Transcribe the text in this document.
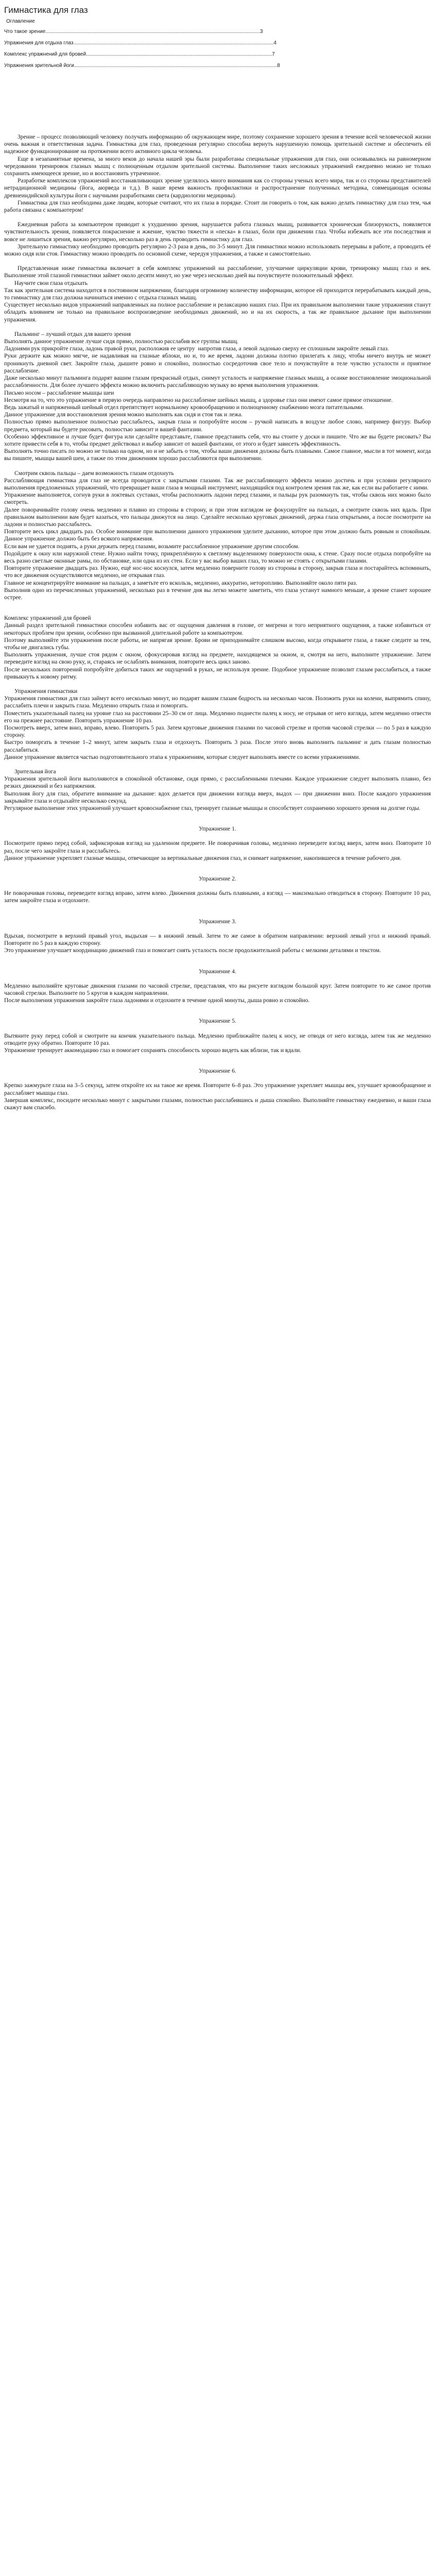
Гимнастика для глаз
Оглавление
Что такое зрение......................................................................................................................................................3
Упражнения для отдыха глаз............................................................................................................................................4
Комплекс упражнений для бровей..................................................................................................................................7
Упражнения зрительной йоги..............................................................................................................................................8

Зрение – процесс позволяющий человеку получать информацию об окружающем мире, поэтому сохранение хорошего зрения в течение всей человеческой жизни очень важная и ответственная задача. Гимнастика для глаз, проведенная регулярно способна вернуть нарушенную помощь зрительной системе и обеспечить ей надежное функционирование на протяжении всего активного цикла человека.

Еще в незапамятные времена, за много веков до начала нашей эры были разработаны специальные упражнения для глаз, они основывались на равномерном чередовании тренировок глазных мышц с полноценным отдыхом зрительной системы. Выполнение таких несложных упражнений ежедневно можно не только сохранить имеющееся зрение, но и восстановить утраченное.

Разработке комплексов упражнений восстанавливающих зрение уделялось много внимания как со стороны ученых всего мира, так и со стороны представителей нетрадиционной медицины (йога, аюрведа и т.д.). В наше время важность профилактики и распространение полученных методика, совмещающая основы древнеиндийской культуры йоги с научными разработками света (кардиологии медицины).

Гимнастика для глаз необходима даже людям, которые считают, что их глаза в порядке. Стоит ли говорить о том, как важно делать гимнастику для глаз тем, чья работа связана с компьютером!

Ежедневная работа за компьютером приводит к ухудшению зрения, нарушается работа глазных мышц, развивается хроническая близорукость, появляется чувствительность зрения, появляется покраснение и жжение, чувство тяжести и «песка» в глазах, боли при движении глаз. Чтобы избежать все эти последствия и вовсе не лишиться зрения, важно регулярно, несколько раз в день проводить гимнастику для глаз.

Зрительную гимнастику необходимо проводить регулярно 2-3 раза в день, по 3-5 минут. Для гимнастики можно использовать перерывы в работе, а проводить её можно сидя или стоя. Гимнастику можно проводить по основной схеме, чередуя упражнения, а также и самостоятельно.

Представленная ниже гимнастика включает в себя комплекс упражнений на расслабление, улучшение циркуляции крови, тренировку мышц глаз и век. Выполнение этой глазной гимнастики займет около десяти минут, но уже через несколько дней вы почувствуете положительный эффект.

Научите свои глаза отдыхать

Так как зрительная система находится в постоянном напряжении, благодаря огромному количеству информации, которое ей приходится перерабатывать каждый день, то гимнастику для глаз должна начинаться именно с отдыха глазных мышц.

Существует несколько видов упражнений направленных на полное расслабление и релаксацию наших глаз. При их правильном выполнении такие упражнения станут обладать влиянием не только на правильное воспроизведение необходимых движений, но и на их скорость, а так же правильное дыхание при выполнении упражнения.

Пальминг – лучший отдых для вашего зрения

Выполнять данное упражнение лучше сидя прямо, полностью расслабив все группы мышц.

Ладонями рук прикройте глаза, ладонь правой руки, расположив ее центру  напротив глаза, а левой ладонью сверху ее сплошным закройте левый глаз.

Руки держите как можно мягче, не надавливая на глазные яблоки, но и, то же время, ладони должны плотно прилегать к лицу, чтобы ничего внутрь не может проникнуть дневной свет. Закройте глаза, дышите ровно и спокойно, полностью сосредоточив свое тело и почувствуйте в теле чувство усталости и приятное расслабление.

Даже несколько минут пальминга подарят вашим глазам прекрасный отдых, снимут усталость и напряжение глазных мышц, а осанке восстановление эмоциональной расслабленности. Для более лучшего эффекта можно включить расслабляющую музыку во время выполнения упражнения.

Письмо носом – расслабление мышцы шеи

Несмотря на то, что это упражнение в первую очередь направлено на расслабление шейных мышц, а здоровье глаз они имеют самое прямое отношение.

Ведь зажатый и напряженный шейный отдел препятствует нормальному кровообращению и полноценному снабжению мозга питательными.

Данное упражнение для восстановления зрения можно выполнять как сидя и стоя так и лежа.

Полностью прямо выполненное полностью расслабьтесь, закрыв глаза и попробуйте носом – ручкой написать в воздухе любое слово, например фигуру. Выбор предмета, который вы будете рисовать, полностью зависит и вашей фантазии.

Особенно эффективное и лучше будет фигура или сделайте представьте, главное представить себя, что вы стоите у доски и пишите. Что же вы будете рисовать? Вы хотите привести себя в то, чтобы предмет действовал и выбор зависит от вашей фантазии, от этого и будет зависеть эффективность.

Выполнять точно писать по можно не только на одном, но и не забыть о том, чтобы ваши движения должны быть плавными. Самое главное, мысли в тот момент, когда вы пишите, мышцы вашей шеи, а также по этим движениям хорошо расслабляются при выполнении.

Смотрим сквозь пальцы – даем возможность глазам отдохнуть

Расслабляющая гимнастика для глаз не всегда проводится с закрытыми глазами. Так же расслабляющего эффекта можно достичь и при условии регулярного выполнения предложенных упражнений, что превращает ваши глаза в мощный инструмент, находящийся под контролем зрения так же, как если вы работаете с ними.

Упражнение выполняется, согнув руки в локтевых суставах, чтобы расположить ладони перед глазами, и пальцы рук разомкнуть так, чтобы сквозь них можно было смотреть.

Далее поворачивайте голову очень медленно и плавно из стороны в сторону, и при этом взглядом не фокусируйте на пальцах, а смотрите сквозь них вдаль. При правильном выполнении вам будет казаться, что пальцы движутся на лицо. Сделайте несколько круговых движений, держа глаза открытыми, а после посмотрите на ладони и полностью расслабьтесь.

Повторите весь цикл двадцать раз. Особое внимание при выполнении данного упражнения уделите дыханию, которое при этом должно быть ровным и спокойным. Данное упражнение должно быть без всякого напряжения.

Если вам не удается поднять, а руки держать перед глазами, возьмите расслабленное упражнение другим способом.

Подойдите к окну или наружной стене. Нужно найти точку, прикреплённую к светлому выделенному поверхности окна, к стене. Сразу после отдыха попробуйте на весь разно светлые оконные рамы, по обстановке, или одна из их стен. Если у вас выбор ваших глаз, то можно не стоять с открытыми глазами.

Повторите упражнение двадцать раз. Нужно, ещё нос-нос коснулся, затем медленно поверните голову из стороны в сторону, закрыв глаза и постарайтесь вспоминать, что все движения осуществляются медленно, не открывая глаз.

Главное не концентрируйте внимание на пальцах, а заметьте его вскользь, медленно, аккуратно, неторопливо. Выполняйте около пяти раз.

Выполнив одно из перечисленных упражнений, несколько раз в течение дня вы легко можете заметить, что глаза устанут намного меньше, а зрение станет хорошее острее.

Комплекс упражнений для бровей

Данный раздел зрительной гимнастики способен избавить вас от ощущения давления в голове, от мигрени и того неприятного ощущения, а также избавиться от некоторых проблем при зрении, особенно при вызванной длительной работе за компьютером.

Поэтому выполняйте эти упражнения после работы, не напрягая зрение. Брови не приподнимайте слишком высоко, когда открываете глаза, а также следите за тем, чтобы не двигались губы.

Выполнять упражнения, лучше стоя рядом с окном, сфокусировав взгляд на предмете, находящемся за окном, и, смотря на него, выполните упражнение. Затем переведите взгляд на свою руку, и, стараясь не ослаблять внимания, повторите весь цикл заново.

После нескольких повторений попробуйте добиться таких же ощущений в руках, не используя зрение. Подобное упражнение позволит глазам расслабиться, а также привыкнуть к новому ритму.

Упражнения гимнастики

Упражнения гимнастики для глаз займут всего несколько минут, но подарят вашим глазам бодрость на несколько часов. Положить руки на колени, выпрямить спину, расслабить плечи и закрыть глаза. Медленно открыть глаза и поморгать.

Поместить указательный палец на уровне глаз на расстоянии 25–30 см от лица. Медленно поднести палец к носу, не отрывая от него взгляда, затем медленно отвести его на прежнее расстояние. Повторить упражнение 10 раз.

Посмотреть вверх, затем вниз, вправо, влево. Повторить 5 раз. Затем круговые движения глазами по часовой стрелке и против часовой стрелки — по 5 раз в каждую сторону.

Быстро поморгать в течение 1–2 минут, затем закрыть глаза и отдохнуть. Повторить 3 раза. После этого вновь выполнить пальминг и дать глазам полностью расслабиться.

Данное упражнение является частью подготовительного этапа к упражнениям, которые следует выполнять вместе со всеми упражнениями.

Зрительная йога

Упражнения зрительной йоги выполняются в спокойной обстановке, сидя прямо, с расслабленными плечами. Каждое упражнение следует выполнять плавно, без резких движений и без напряжения.

Выполняя йогу для глаз, обратите внимание на дыхание: вдох делается при движении взгляда вверх, выдох — при движении вниз. После каждого упражнения закрывайте глаза и отдыхайте несколько секунд.

Регулярное выполнение этих упражнений улучшает кровоснабжение глаз, тренирует глазные мышцы и способствует сохранению хорошего зрения на долгие годы.

Упражнение 1.

Посмотрите прямо перед собой, зафиксировав взгляд на удаленном предмете. Не поворачивая головы, медленно переведите взгляд вверх, затем вниз. Повторите 10 раз, после чего закройте глаза и расслабьтесь.

Данное упражнение укрепляет глазные мышцы, отвечающие за вертикальные движения глаз, и снимает напряжение, накопившееся в течение рабочего дня.

Упражнение 2.

Не поворачивая головы, переведите взгляд вправо, затем влево. Движения должны быть плавными, а взгляд — максимально отводиться в сторону. Повторите 10 раз, затем закройте глаза и отдохните.

Упражнение 3.

Вдыхая, посмотрите в верхний правый угол, выдыхая — в нижний левый. Затем то же самое в обратном направлении: верхний левый угол и нижний правый. Повторите по 5 раз в каждую сторону.

Это упражнение улучшает координацию движений глаз и помогает снять усталость после продолжительной работы с мелкими деталями и текстом.

Упражнение 4.

Медленно выполняйте круговые движения глазами по часовой стрелке, представляя, что вы рисуете взглядом большой круг. Затем повторите то же самое против часовой стрелки. Выполните по 5 кругов в каждом направлении.

После выполнения упражнения закройте глаза ладонями и отдохните в течение одной минуты, дыша ровно и спокойно.

Упражнение 5.

Вытяните руку перед собой и смотрите на кончик указательного пальца. Медленно приближайте палец к носу, не отводя от него взгляда, затем так же медленно отводите руку обратно. Повторите 10 раз.

Упражнение тренирует аккомодацию глаз и помогает сохранять способность хорошо видеть как вблизи, так и вдали.

Упражнение 6.

Крепко зажмурьте глаза на 3–5 секунд, затем откройте их на такое же время. Повторите 6–8 раз. Это упражнение укрепляет мышцы век, улучшает кровообращение и расслабляет мышцы глаз.

Завершая комплекс, посидите несколько минут с закрытыми глазами, полностью расслабившись и дыша спокойно. Выполняйте гимнастику ежедневно, и ваши глаза скажут вам спасибо.
